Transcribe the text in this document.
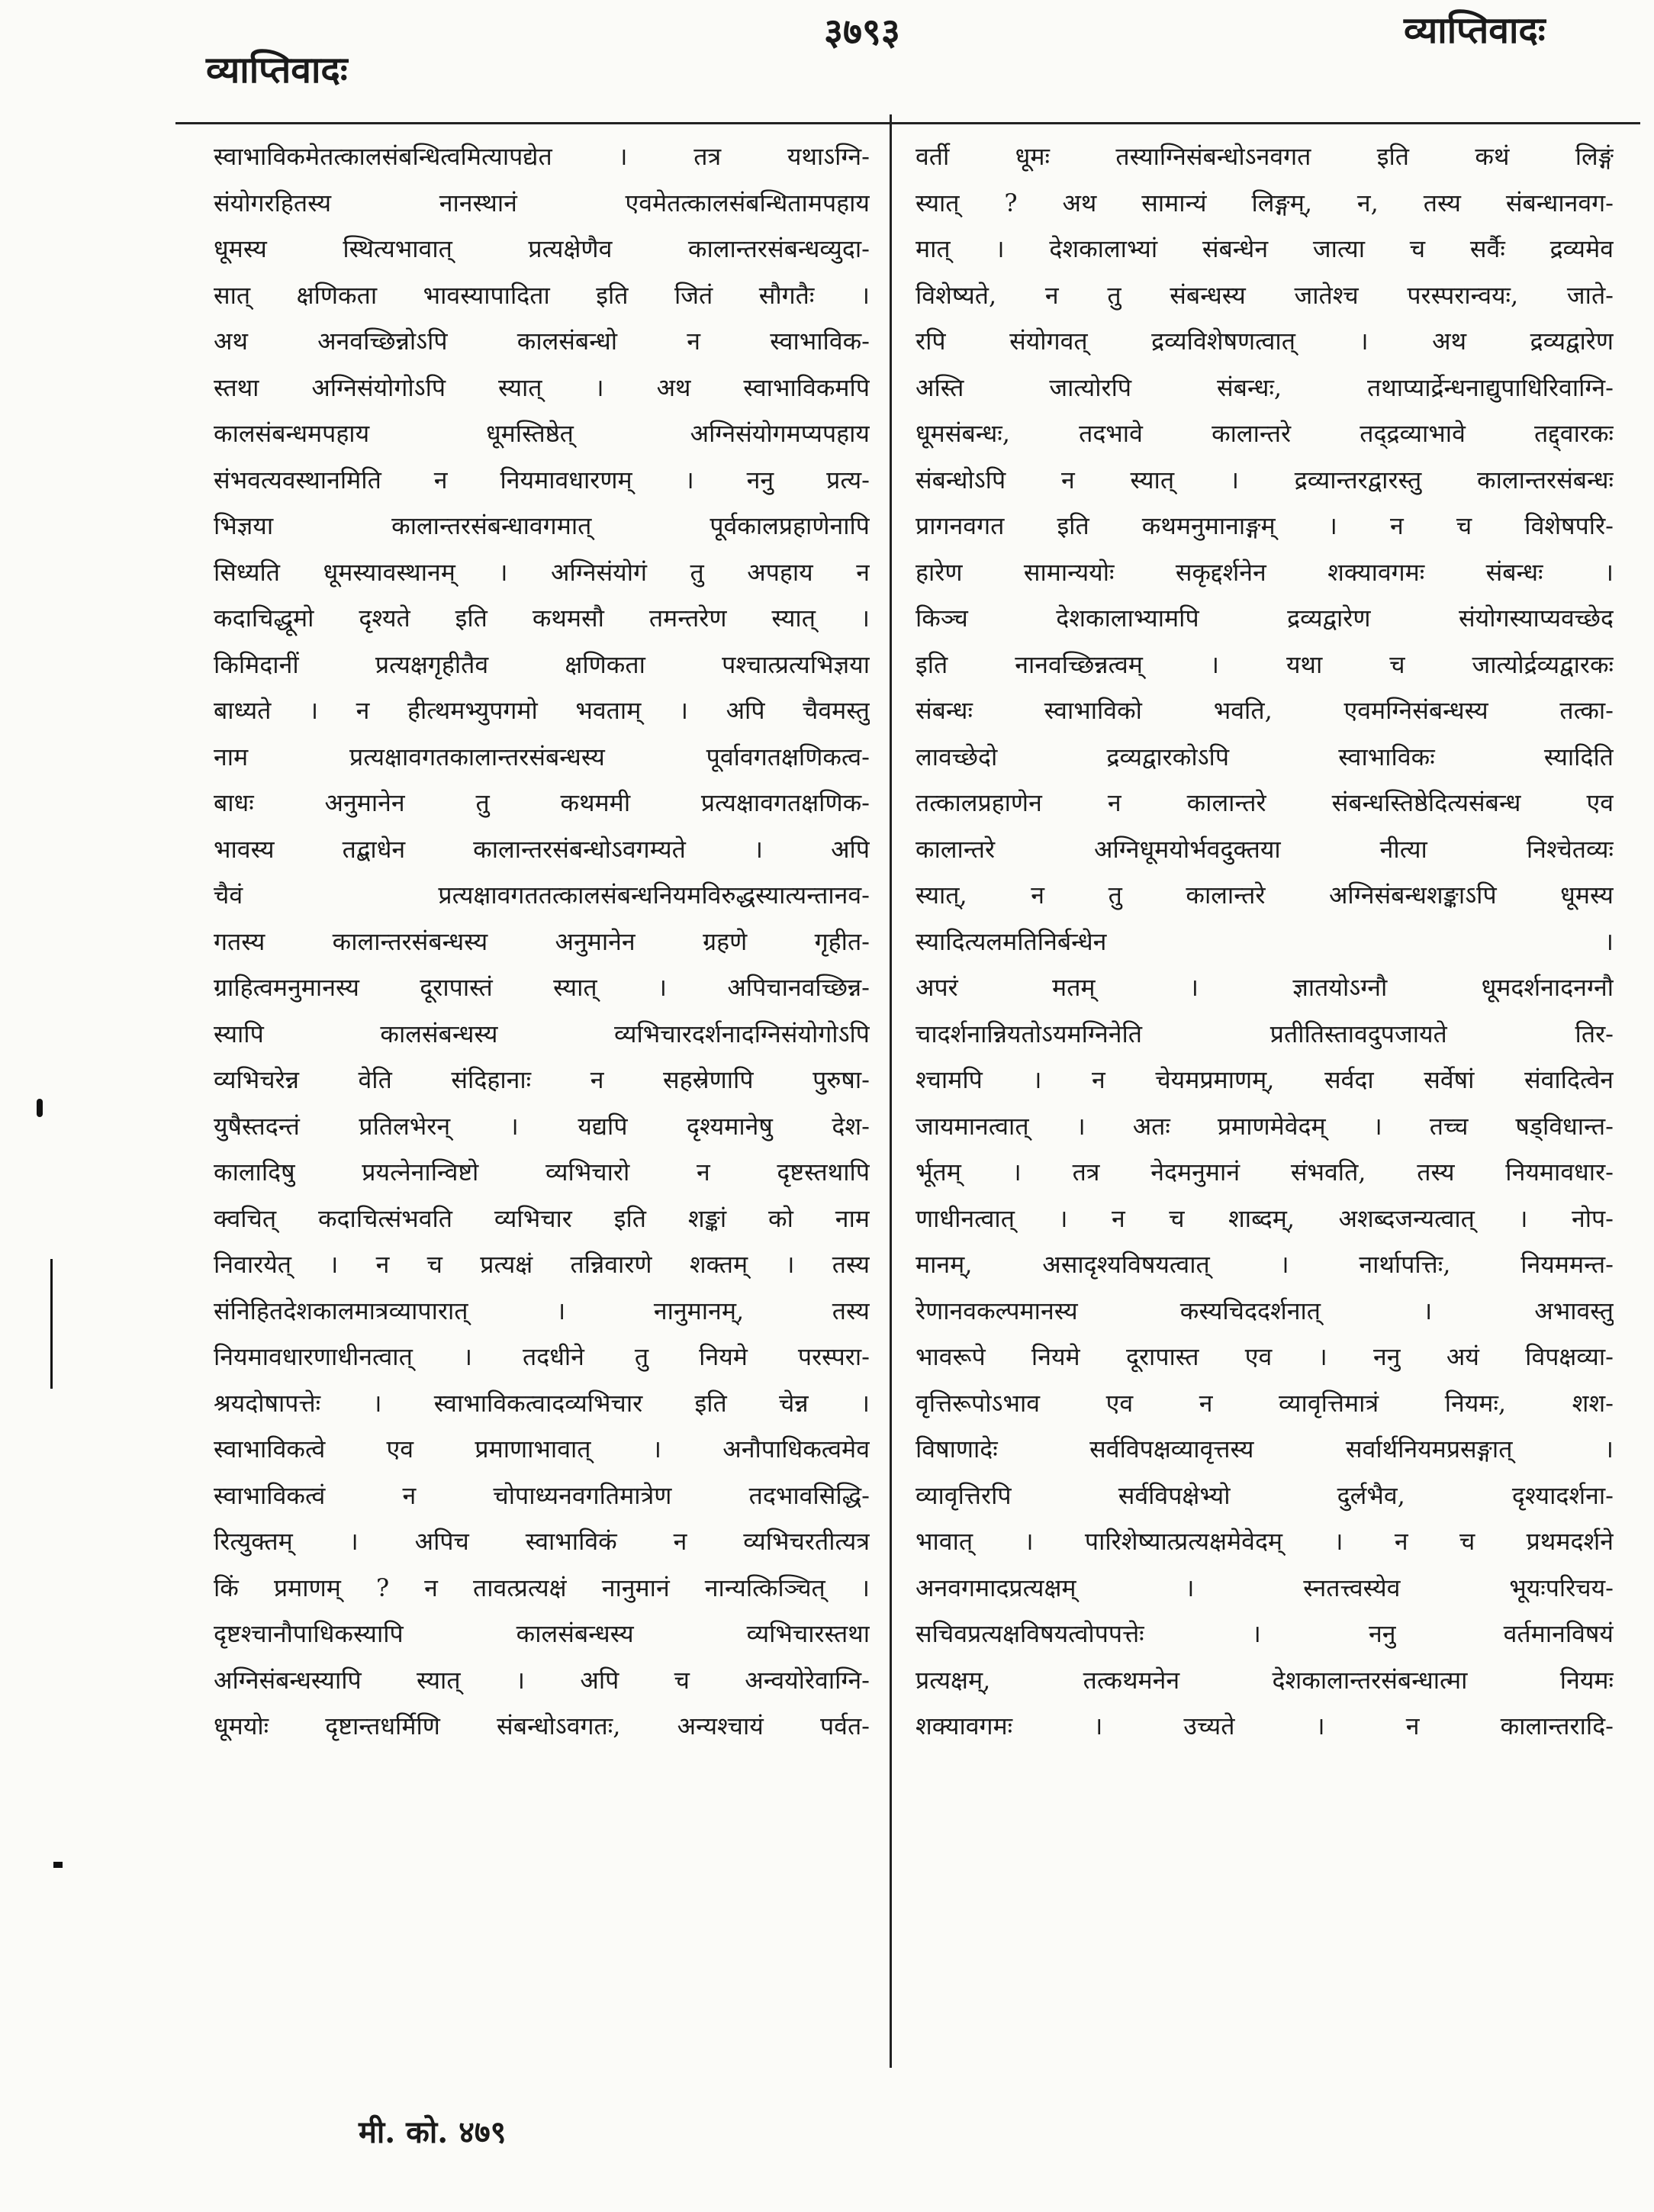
व्याप्तिवादः
३७९३	व्याप्तिवादः
स्वाभाविकमेतत्कालसंबन्धित्वमित्यापद्येत । तत्र यथाऽग्नि-
संयोगरहितस्य नानस्थानं एवमेतत्कालसंबन्धितामपहाय
धूमस्य स्थित्यभावात् प्रत्यक्षेणैव कालान्तरसंबन्धव्युदा-
सात् क्षणिकता भावस्यापादिता इति जितं सौगतैः ।
अथ अनवच्छिन्नोऽपि कालसंबन्धो न स्वाभाविक-
स्तथा अग्निसंयोगोऽपि स्यात् । अथ स्वाभाविकमपि
कालसंबन्धमपहाय धूमस्तिष्ठेत् अग्निसंयोगमप्यपहाय
संभवत्यवस्थानमिति न नियमावधारणम् । ननु प्रत्य-
भिज्ञया कालान्तरसंबन्धावगमात् पूर्वकालप्रहाणेनापि
सिध्यति धूमस्यावस्थानम् । अग्निसंयोगं तु अपहाय न
कदाचिद्धूमो दृश्यते इति कथमसौ तमन्तरेण स्यात् ।
किमिदानीं प्रत्यक्षगृहीतैव क्षणिकता पश्चात्प्रत्यभिज्ञया
बाध्यते । न हीत्थमभ्युपगमो भवताम् । अपि चैवमस्तु
नाम प्रत्यक्षावगतकालान्तरसंबन्धस्य पूर्वावगतक्षणिकत्व-
बाधः अनुमानेन तु कथममी प्रत्यक्षावगतक्षणिक-
भावस्य तद्बाधेन कालान्तरसंबन्धोऽवगम्यते । अपि
चैवं प्रत्यक्षावगततत्कालसंबन्धनियमविरुद्धस्यात्यन्तानव-
गतस्य कालान्तरसंबन्धस्य अनुमानेन ग्रहणे गृहीत-
ग्राहित्वमनुमानस्य दूरापास्तं स्यात् । अपिचानवच्छिन्न-
स्यापि कालसंबन्धस्य व्यभिचारदर्शनादग्निसंयोगोऽपि
व्यभिचरेन्न वेति संदिहानाः न सहस्रेणापि पुरुषा-
युषैस्तदन्तं प्रतिलभेरन् । यद्यपि दृश्यमानेषु देश-
कालादिषु प्रयत्नेनान्विष्टो व्यभिचारो न दृष्टस्तथापि
क्वचित् कदाचित्संभवति व्यभिचार इति शङ्कां को नाम
निवारयेत् । न च प्रत्यक्षं तन्निवारणे शक्तम् । तस्य
संनिहितदेशकालमात्रव्यापारात् । नानुमानम्, तस्य
नियमावधारणाधीनत्वात् । तदधीने तु नियमे परस्परा-
श्रयदोषापत्तेः । स्वाभाविकत्वादव्यभिचार इति चेन्न ।
स्वाभाविकत्वे एव प्रमाणाभावात् । अनौपाधिकत्वमेव
स्वाभाविकत्वं न चोपाध्यनवगतिमात्रेण तदभावसिद्धि-
रित्युक्तम् । अपिच स्वाभाविकं न व्यभिचरतीत्यत्र
किं प्रमाणम् ? न तावत्प्रत्यक्षं नानुमानं नान्यत्किञ्चित् ।
दृष्टश्चानौपाधिकस्यापि कालसंबन्धस्य व्यभिचारस्तथा
अग्निसंबन्धस्यापि स्यात् । अपि च अन्वयोरेवाग्नि-
धूमयोः दृष्टान्तधर्मिणि संबन्धोऽवगतः, अन्यश्चायं पर्वत-
वर्ती धूमः तस्याग्निसंबन्धोऽनवगत इति कथं लिङ्गं
स्यात् ? अथ सामान्यं लिङ्गम्, न, तस्य संबन्धानवग-
मात् । देशकालाभ्यां संबन्धेन जात्या च सर्वैः द्रव्यमेव
विशेष्यते, न तु संबन्धस्य जातेश्च परस्परान्वयः, जाते-
रपि संयोगवत् द्रव्यविशेषणत्वात् । अथ द्रव्यद्वारेण
अस्ति जात्योरपि संबन्धः, तथाप्यार्द्रेन्धनाद्युपाधिरिवाग्नि-
धूमसंबन्धः, तदभावे कालान्तरे तद्द्रव्याभावे तद्द्वारकः
संबन्धोऽपि न स्यात् । द्रव्यान्तरद्वारस्तु कालान्तरसंबन्धः
प्रागनवगत इति कथमनुमानाङ्गम् । न च विशेषपरि-
हारेण सामान्ययोः सकृद्दर्शनेन शक्यावगमः संबन्धः ।
किञ्च देशकालाभ्यामपि द्रव्यद्वारेण संयोगस्याप्यवच्छेद
इति नानवच्छिन्नत्वम् । यथा च जात्योर्द्रव्यद्वारकः
संबन्धः स्वाभाविको भवति, एवमग्निसंबन्धस्य तत्का-
लावच्छेदो द्रव्यद्वारकोऽपि स्वाभाविकः स्यादिति
तत्कालप्रहाणेन न कालान्तरे संबन्धस्तिष्ठेदित्यसंबन्ध एव
कालान्तरे अग्निधूमयोर्भवदुक्तया नीत्या निश्चेतव्यः
स्यात्, न तु कालान्तरे अग्निसंबन्धशङ्काऽपि धूमस्य
स्यादित्यलमतिनिर्बन्धेन ।
अपरं मतम् । ज्ञातयोऽग्नौ धूमदर्शनादनग्नौ
चादर्शनान्नियतोऽयमग्निनेति प्रतीतिस्तावदुपजायते तिर-
श्चामपि । न चेयमप्रमाणम्, सर्वदा सर्वेषां संवादित्वेन
जायमानत्वात् । अतः प्रमाणमेवेदम् । तच्च षड्विधान्त-
र्भूतम् । तत्र नेदमनुमानं संभवति, तस्य नियमावधार-
णाधीनत्वात् । न च शाब्दम्, अशब्दजन्यत्वात् । नोप-
मानम्, असादृश्यविषयत्वात् । नार्थापत्तिः, नियममन्त-
रेणानवकल्पमानस्य कस्यचिददर्शनात् । अभावस्तु
भावरूपे नियमे दूरापास्त एव । ननु अयं विपक्षव्या-
वृत्तिरूपोऽभाव एव न व्यावृत्तिमात्रं नियमः, शश-
विषाणादेः सर्वविपक्षव्यावृत्तस्य सर्वार्थनियमप्रसङ्गात् ।
व्यावृत्तिरपि सर्वविपक्षेभ्यो दुर्लभैव, दृश्यादर्शना-
भावात् । पारिशेष्यात्प्रत्यक्षमेवेदम् । न च प्रथमदर्शने
अनवगमादप्रत्यक्षम् । स्नतत्त्वस्येव भूयःपरिचय-
सचिवप्रत्यक्षविषयत्वोपपत्तेः । ननु वर्तमानविषयं
प्रत्यक्षम्, तत्कथमनेन देशकालान्तरसंबन्धात्मा नियमः
शक्यावगमः । उच्यते । न कालान्तरादि-
मी. को. ४७९
